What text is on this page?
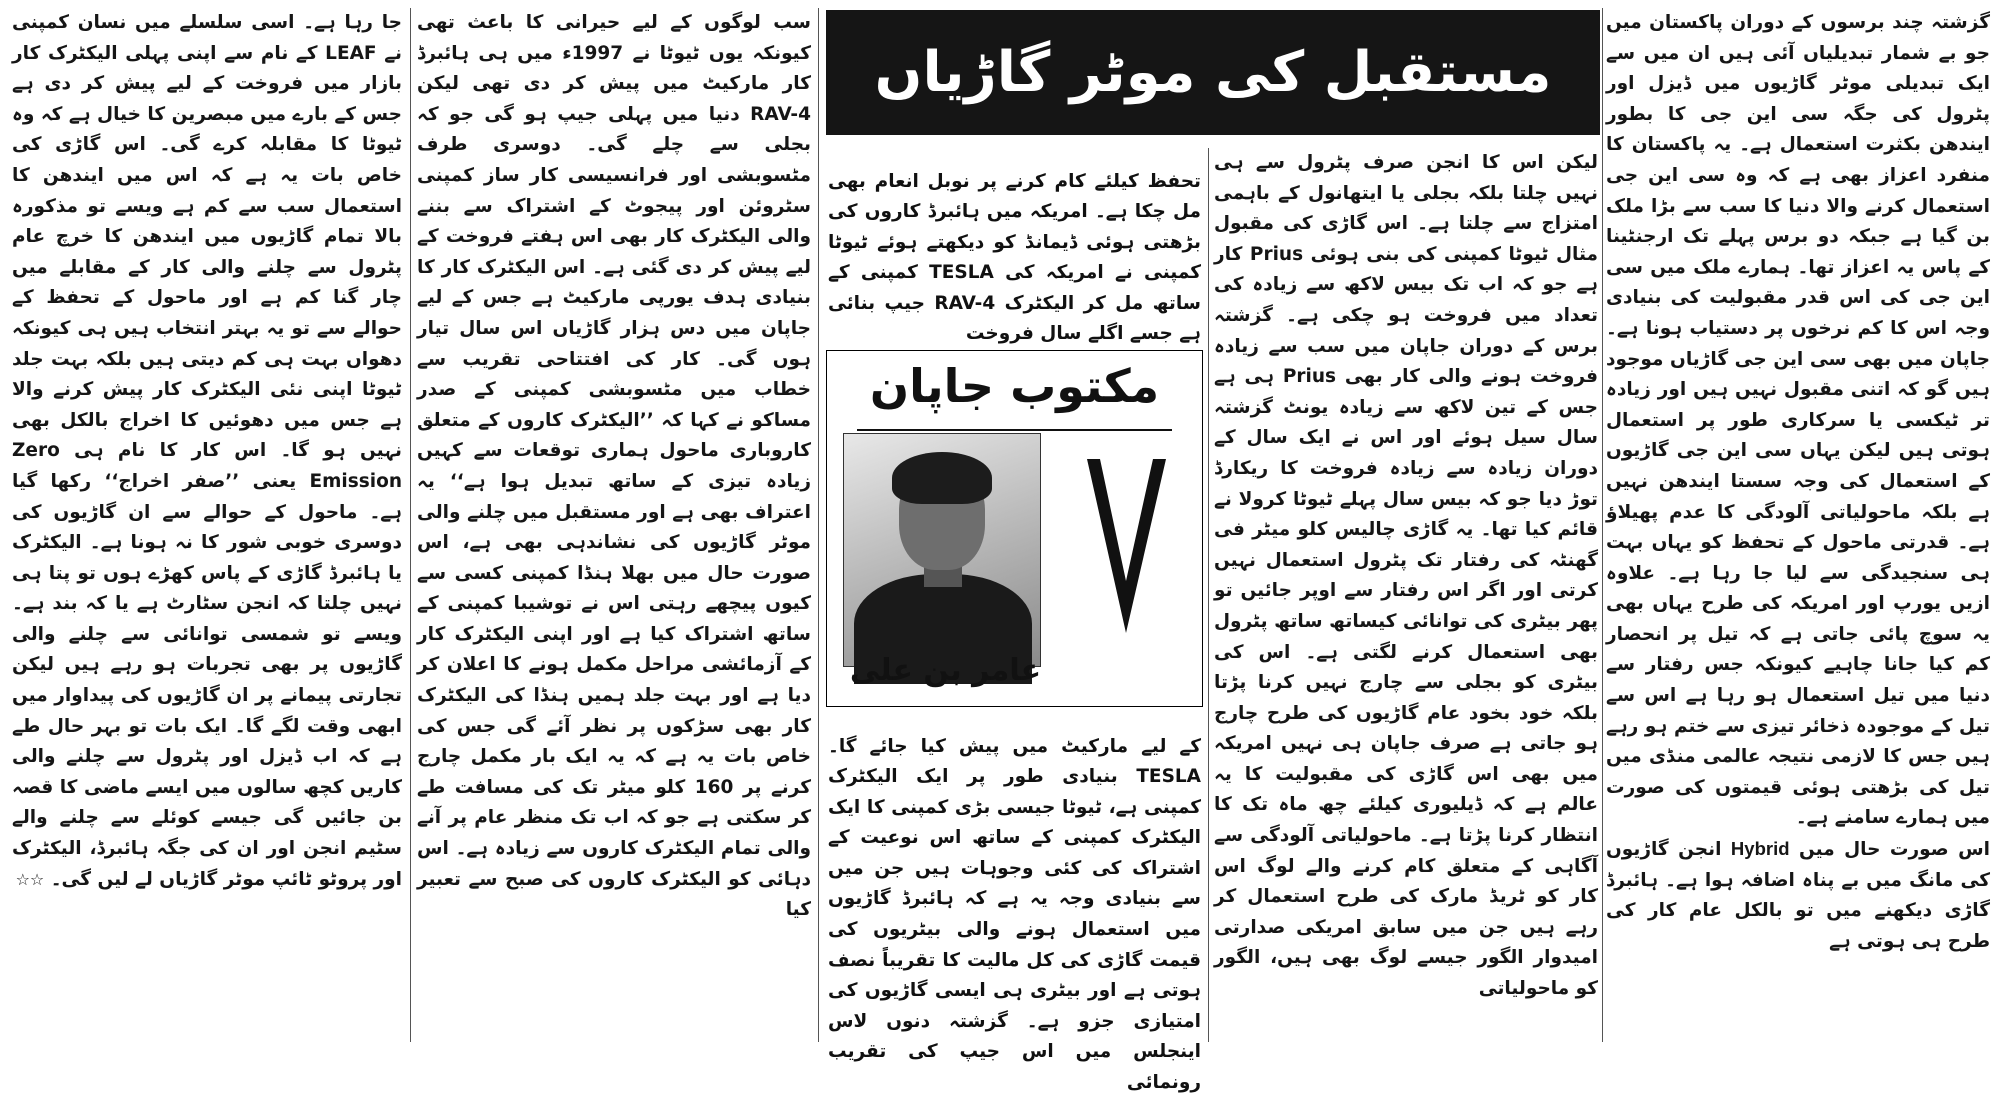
گزشتہ چند برسوں کے دوران پاکستان میں جو بے شمار تبدیلیاں آئی ہیں ان میں سے ایک تبدیلی موٹر گاڑیوں میں ڈیزل اور پٹرول کی جگہ سی این جی کا بطور ایندھن بکثرت استعمال ہے۔ یہ پاکستان کا منفرد اعزاز بھی ہے کہ وہ سی این جی استعمال کرنے والا دنیا کا سب سے بڑا ملک بن گیا ہے جبکہ دو برس پہلے تک ارجنٹینا کے پاس یہ اعزاز تھا۔ ہمارے ملک میں سی این جی کی اس قدر مقبولیت کی بنیادی وجہ اس کا کم نرخوں پر دستیاب ہونا ہے۔ جاپان میں بھی سی این جی گاڑیاں موجود ہیں گو کہ اتنی مقبول نہیں ہیں اور زیادہ تر ٹیکسی یا سرکاری طور پر استعمال ہوتی ہیں لیکن یہاں سی این جی گاڑیوں کے استعمال کی وجہ سستا ایندھن نہیں ہے بلکہ ماحولیاتی آلودگی کا عدم پھیلاؤ ہے۔ قدرتی ماحول کے تحفظ کو یہاں بہت ہی سنجیدگی سے لیا جا رہا ہے۔ علاوہ ازیں یورپ اور امریکہ کی طرح یہاں بھی یہ سوچ پائی جاتی ہے کہ تیل پر انحصار کم کیا جانا چاہیے کیونکہ جس رفتار سے دنیا میں تیل استعمال ہو رہا ہے اس سے تیل کے موجودہ ذخائر تیزی سے ختم ہو رہے ہیں جس کا لازمی نتیجہ عالمی منڈی میں تیل کی بڑھتی ہوئی قیمتوں کی صورت میں ہمارے سامنے ہے۔

اس صورت حال میں Hybrid انجن گاڑیوں کی مانگ میں بے پناہ اضافہ ہوا ہے۔ ہائبرڈ گاڑی دیکھنے میں تو بالکل عام کار کی طرح ہی ہوتی ہے

مستقبل کی موٹر گاڑیاں

لیکن اس کا انجن صرف پٹرول سے ہی نہیں چلتا بلکہ بجلی یا ایتھانول کے باہمی امتزاج سے چلتا ہے۔ اس گاڑی کی مقبول مثال ٹیوٹا کمپنی کی بنی ہوئی Prius کار ہے جو کہ اب تک بیس لاکھ سے زیادہ کی تعداد میں فروخت ہو چکی ہے۔ گزشتہ برس کے دوران جاپان میں سب سے زیادہ فروخت ہونے والی کار بھی Prius ہی ہے جس کے تین لاکھ سے زیادہ یونٹ گزشتہ سال سیل ہوئے اور اس نے ایک سال کے دوران زیادہ سے زیادہ فروخت کا ریکارڈ توڑ دیا جو کہ بیس سال پہلے ٹیوٹا کرولا نے قائم کیا تھا۔ یہ گاڑی چالیس کلو میٹر فی گھنٹہ کی رفتار تک پٹرول استعمال نہیں کرتی اور اگر اس رفتار سے اوپر جائیں تو پھر بیٹری کی توانائی کیساتھ ساتھ پٹرول بھی استعمال کرنے لگتی ہے۔ اس کی بیٹری کو بجلی سے چارج نہیں کرنا پڑتا بلکہ خود بخود عام گاڑیوں کی طرح چارج ہو جاتی ہے صرف جاپان ہی نہیں امریکہ میں بھی اس گاڑی کی مقبولیت کا یہ عالم ہے کہ ڈیلیوری کیلئے چھ ماہ تک کا انتظار کرنا پڑتا ہے۔ ماحولیاتی آلودگی سے آگاہی کے متعلق کام کرنے والے لوگ اس کار کو ٹریڈ مارک کی طرح استعمال کر رہے ہیں جن میں سابق امریکی صدارتی امیدوار الگور جیسے لوگ بھی ہیں، الگور کو ماحولیاتی

تحفظ کیلئے کام کرنے پر نوبل انعام بھی مل چکا ہے۔ امریکہ میں ہائبرڈ کاروں کی بڑھتی ہوئی ڈیمانڈ کو دیکھتے ہوئے ٹیوٹا کمپنی نے امریکہ کی TESLA کمپنی کے ساتھ مل کر الیکٹرک RAV-4 جیپ بنائی ہے جسے اگلے سال فروخت

مکتوب جاپان
عامر بن علی

کے لیے مارکیٹ میں پیش کیا جائے گا۔ TESLA بنیادی طور پر ایک الیکٹرک کمپنی ہے، ٹیوٹا جیسی بڑی کمپنی کا ایک الیکٹرک کمپنی کے ساتھ اس نوعیت کے اشتراک کی کئی وجوہات ہیں جن میں سے بنیادی وجہ یہ ہے کہ ہائبرڈ گاڑیوں میں استعمال ہونے والی بیٹریوں کی قیمت گاڑی کی کل مالیت کا تقریباً نصف ہوتی ہے اور بیٹری ہی ایسی گاڑیوں کی امتیازی جزو ہے۔ گزشتہ دنوں لاس اینجلس میں اس جیپ کی تقریب رونمائی

سب لوگوں کے لیے حیرانی کا باعث تھی کیونکہ یوں ٹیوٹا نے 1997ء میں ہی ہائبرڈ کار مارکیٹ میں پیش کر دی تھی لیکن RAV-4 دنیا میں پہلی جیپ ہو گی جو کہ بجلی سے چلے گی۔ دوسری طرف مٹسوبشی اور فرانسیسی کار ساز کمپنی سٹروئن اور پیجوٹ کے اشتراک سے بننے والی الیکٹرک کار بھی اس ہفتے فروخت کے لیے پیش کر دی گئی ہے۔ اس الیکٹرک کار کا بنیادی ہدف یورپی مارکیٹ ہے جس کے لیے جاپان میں دس ہزار گاڑیاں اس سال تیار ہوں گی۔ کار کی افتتاحی تقریب سے خطاب میں مٹسوبشی کمپنی کے صدر مساکو نے کہا کہ ’’الیکٹرک کاروں کے متعلق کاروباری ماحول ہماری توقعات سے کہیں زیادہ تیزی کے ساتھ تبدیل ہوا ہے‘‘ یہ اعتراف بھی ہے اور مستقبل میں چلنے والی موٹر گاڑیوں کی نشاندہی بھی ہے، اس صورت حال میں بھلا ہنڈا کمپنی کسی سے کیوں پیچھے رہتی اس نے توشیبا کمپنی کے ساتھ اشتراک کیا ہے اور اپنی الیکٹرک کار کے آزمائشی مراحل مکمل ہونے کا اعلان کر دیا ہے اور بہت جلد ہمیں ہنڈا کی الیکٹرک کار بھی سڑکوں پر نظر آئے گی جس کی خاص بات یہ ہے کہ یہ ایک بار مکمل چارج کرنے پر 160 کلو میٹر تک کی مسافت طے کر سکتی ہے جو کہ اب تک منظر عام پر آنے والی تمام الیکٹرک کاروں سے زیادہ ہے۔ اس دہائی کو الیکٹرک کاروں کی صبح سے تعبیر کیا

جا رہا ہے۔ اسی سلسلے میں نسان کمپنی نے LEAF کے نام سے اپنی پہلی الیکٹرک کار بازار میں فروخت کے لیے پیش کر دی ہے جس کے بارے میں مبصرین کا خیال ہے کہ وہ ٹیوٹا کا مقابلہ کرے گی۔ اس گاڑی کی خاص بات یہ ہے کہ اس میں ایندھن کا استعمال سب سے کم ہے ویسے تو مذکورہ بالا تمام گاڑیوں میں ایندھن کا خرچ عام پٹرول سے چلنے والی کار کے مقابلے میں چار گنا کم ہے اور ماحول کے تحفظ کے حوالے سے تو یہ بہتر انتخاب ہیں ہی کیونکہ دھواں بہت ہی کم دیتی ہیں بلکہ بہت جلد ٹیوٹا اپنی نئی الیکٹرک کار پیش کرنے والا ہے جس میں دھوئیں کا اخراج بالکل بھی نہیں ہو گا۔ اس کار کا نام ہی Zero Emission یعنی ’’صفر اخراج‘‘ رکھا گیا ہے۔ ماحول کے حوالے سے ان گاڑیوں کی دوسری خوبی شور کا نہ ہونا ہے۔ الیکٹرک یا ہائبرڈ گاڑی کے پاس کھڑے ہوں تو پتا ہی نہیں چلتا کہ انجن سٹارٹ ہے یا کہ بند ہے۔ ویسے تو شمسی توانائی سے چلنے والی گاڑیوں پر بھی تجربات ہو رہے ہیں لیکن تجارتی پیمانے پر ان گاڑیوں کی پیداوار میں ابھی وقت لگے گا۔ ایک بات تو بہر حال طے ہے کہ اب ڈیزل اور پٹرول سے چلنے والی کاریں کچھ سالوں میں ایسے ماضی کا قصہ بن جائیں گی جیسے کوئلے سے چلنے والے سٹیم انجن اور ان کی جگہ ہائبرڈ، الیکٹرک اور پروٹو ٹائپ موٹر گاڑیاں لے لیں گی۔ ☆☆
